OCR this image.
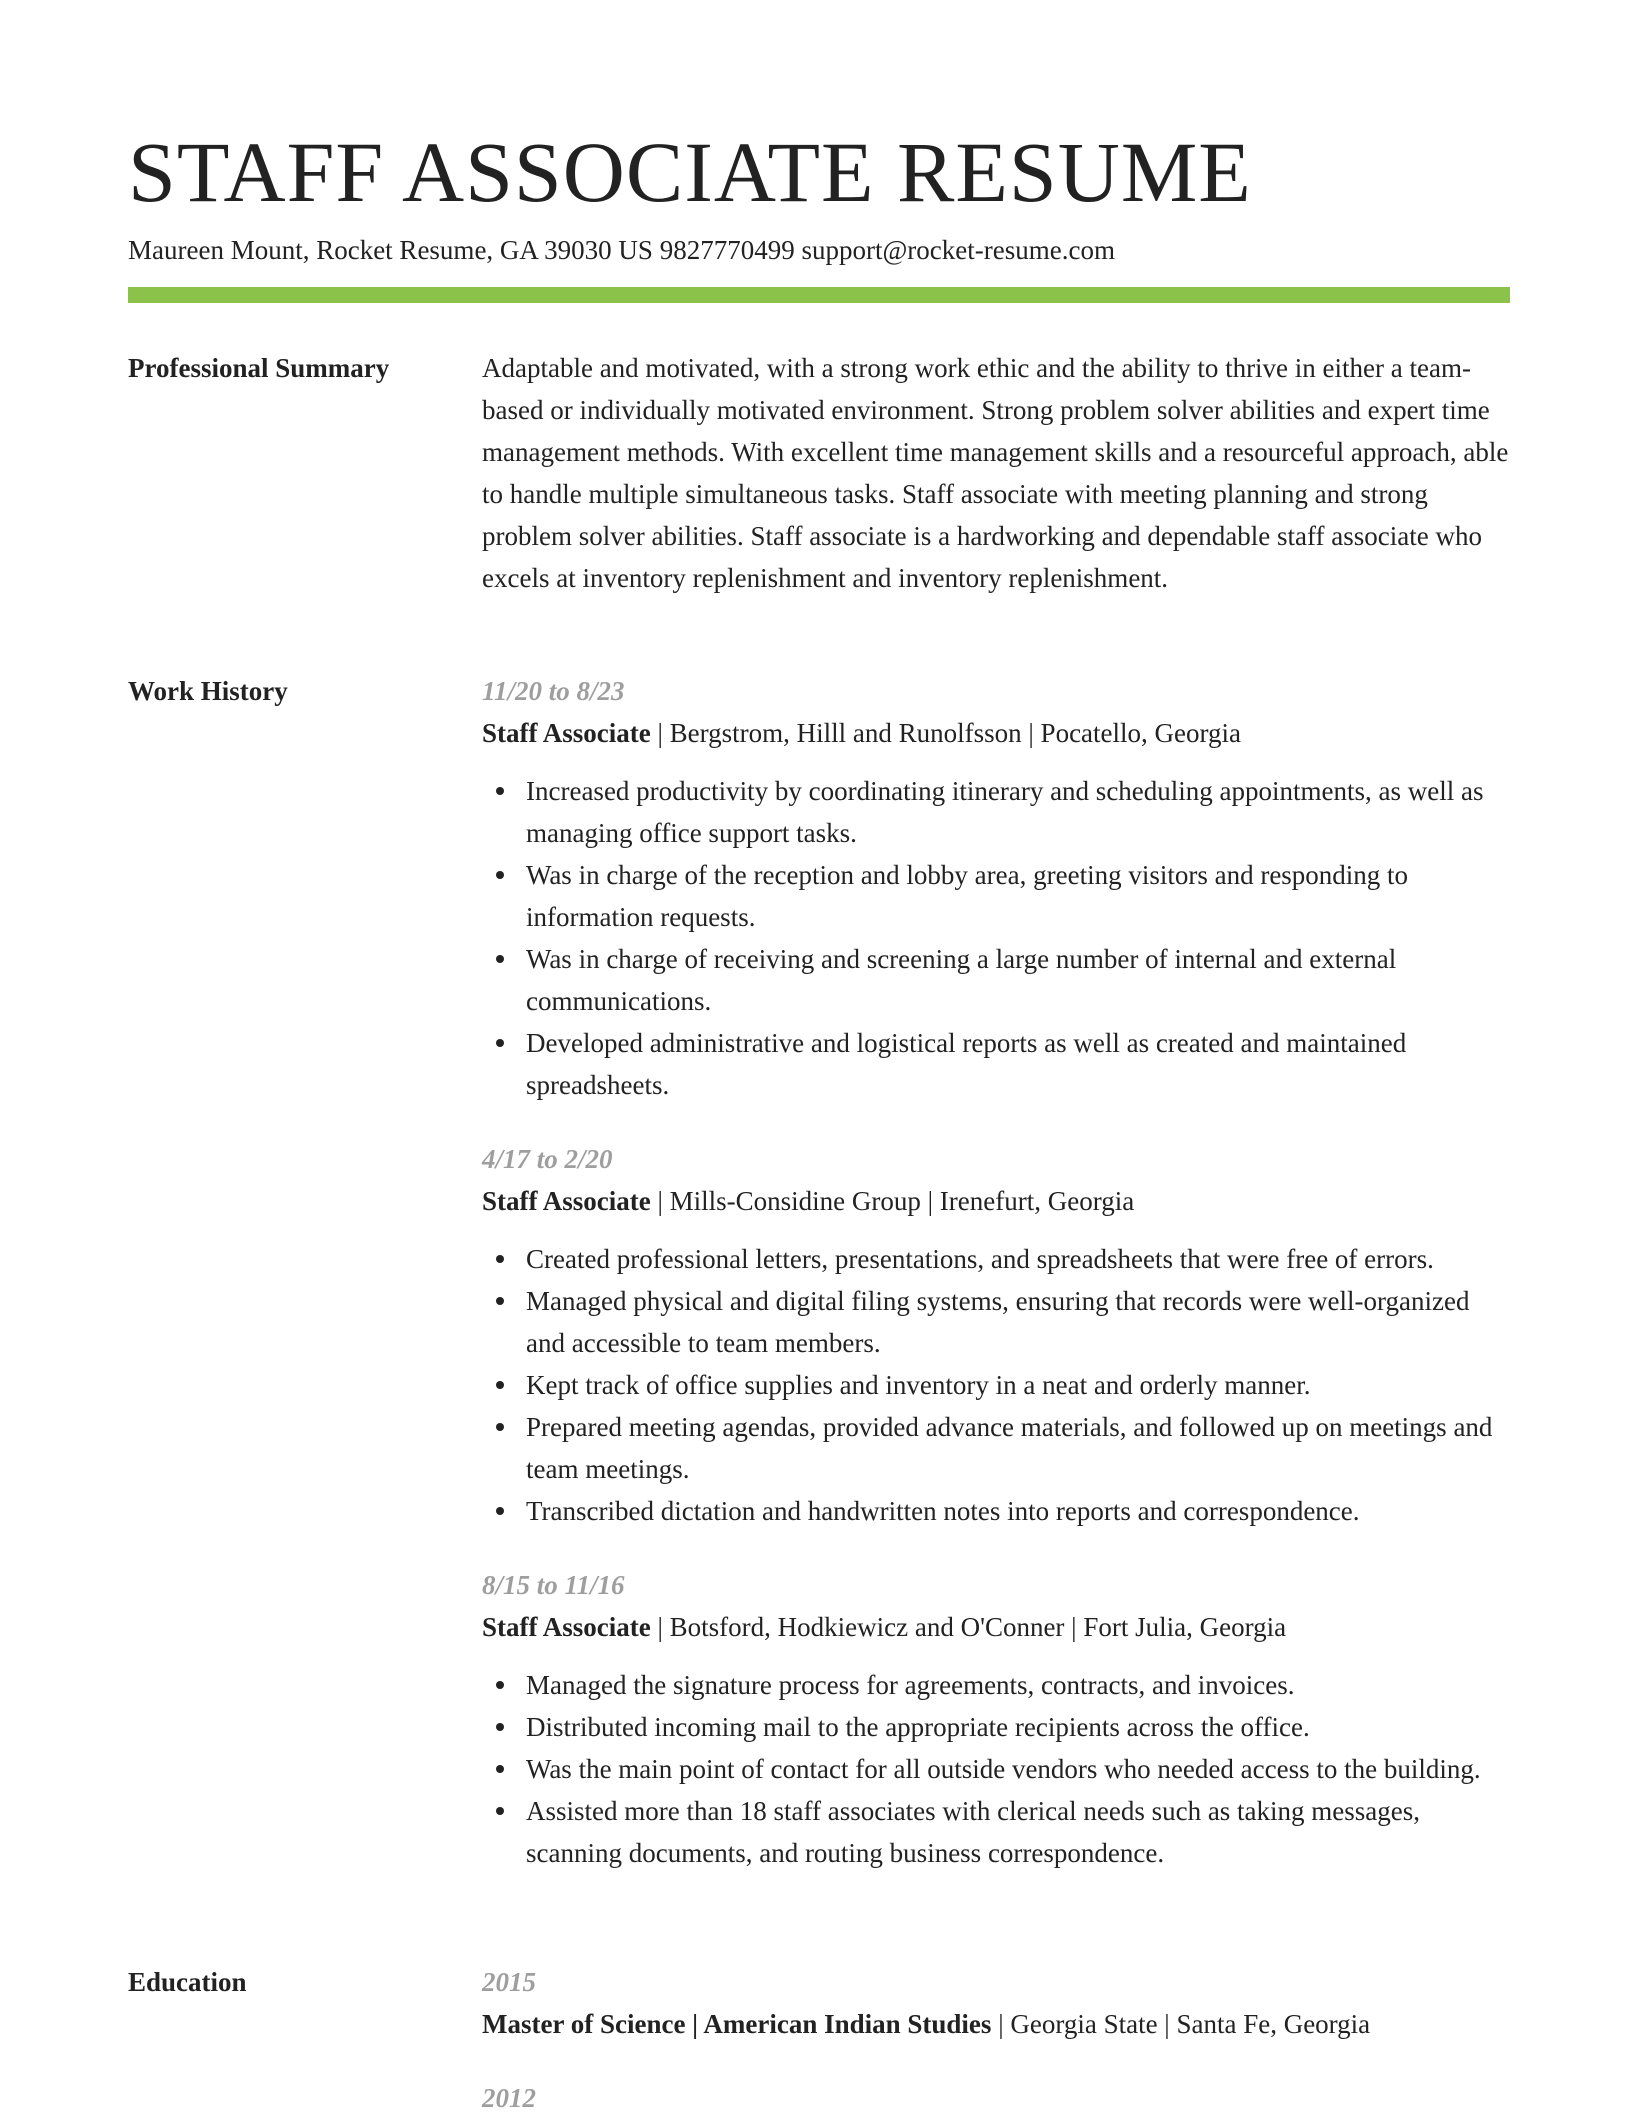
STAFF ASSOCIATE RESUME
Maureen Mount, Rocket Resume, GA 39030 US 9827770499 support@rocket-resume.com
Professional Summary	Adaptable and motivated, with a strong work ethic and the ability to thrive in either a team-based or individually motivated environment. Strong problem solver abilities and expert time management methods. With excellent time management skills and a resourceful approach, able to handle multiple simultaneous tasks. Staff associate with meeting planning and strong problem solver abilities. Staff associate is a hardworking and dependable staff associate who excels at inventory replenishment and inventory replenishment.
Work History	11/20 to 8/23
Staff Associate | Bergstrom, Hilll and Runolfsson | Pocatello, Georgia
Increased productivity by coordinating itinerary and scheduling appointments, as well as managing office support tasks.
Was in charge of the reception and lobby area, greeting visitors and responding to information requests.
Was in charge of receiving and screening a large number of internal and external communications.
Developed administrative and logistical reports as well as created and maintained spreadsheets.
4/17 to 2/20
Staff Associate | Mills-Considine Group | Irenefurt, Georgia
Created professional letters, presentations, and spreadsheets that were free of errors.
Managed physical and digital filing systems, ensuring that records were well-organized and accessible to team members.
Kept track of office supplies and inventory in a neat and orderly manner.
Prepared meeting agendas, provided advance materials, and followed up on meetings and team meetings.
Transcribed dictation and handwritten notes into reports and correspondence.
8/15 to 11/16
Staff Associate | Botsford, Hodkiewicz and O'Conner | Fort Julia, Georgia
Managed the signature process for agreements, contracts, and invoices.
Distributed incoming mail to the appropriate recipients across the office.
Was the main point of contact for all outside vendors who needed access to the building.
Assisted more than 18 staff associates with clerical needs such as taking messages, scanning documents, and routing business correspondence.
Education	2015
Master of Science | American Indian Studies | Georgia State | Santa Fe, Georgia
2012
